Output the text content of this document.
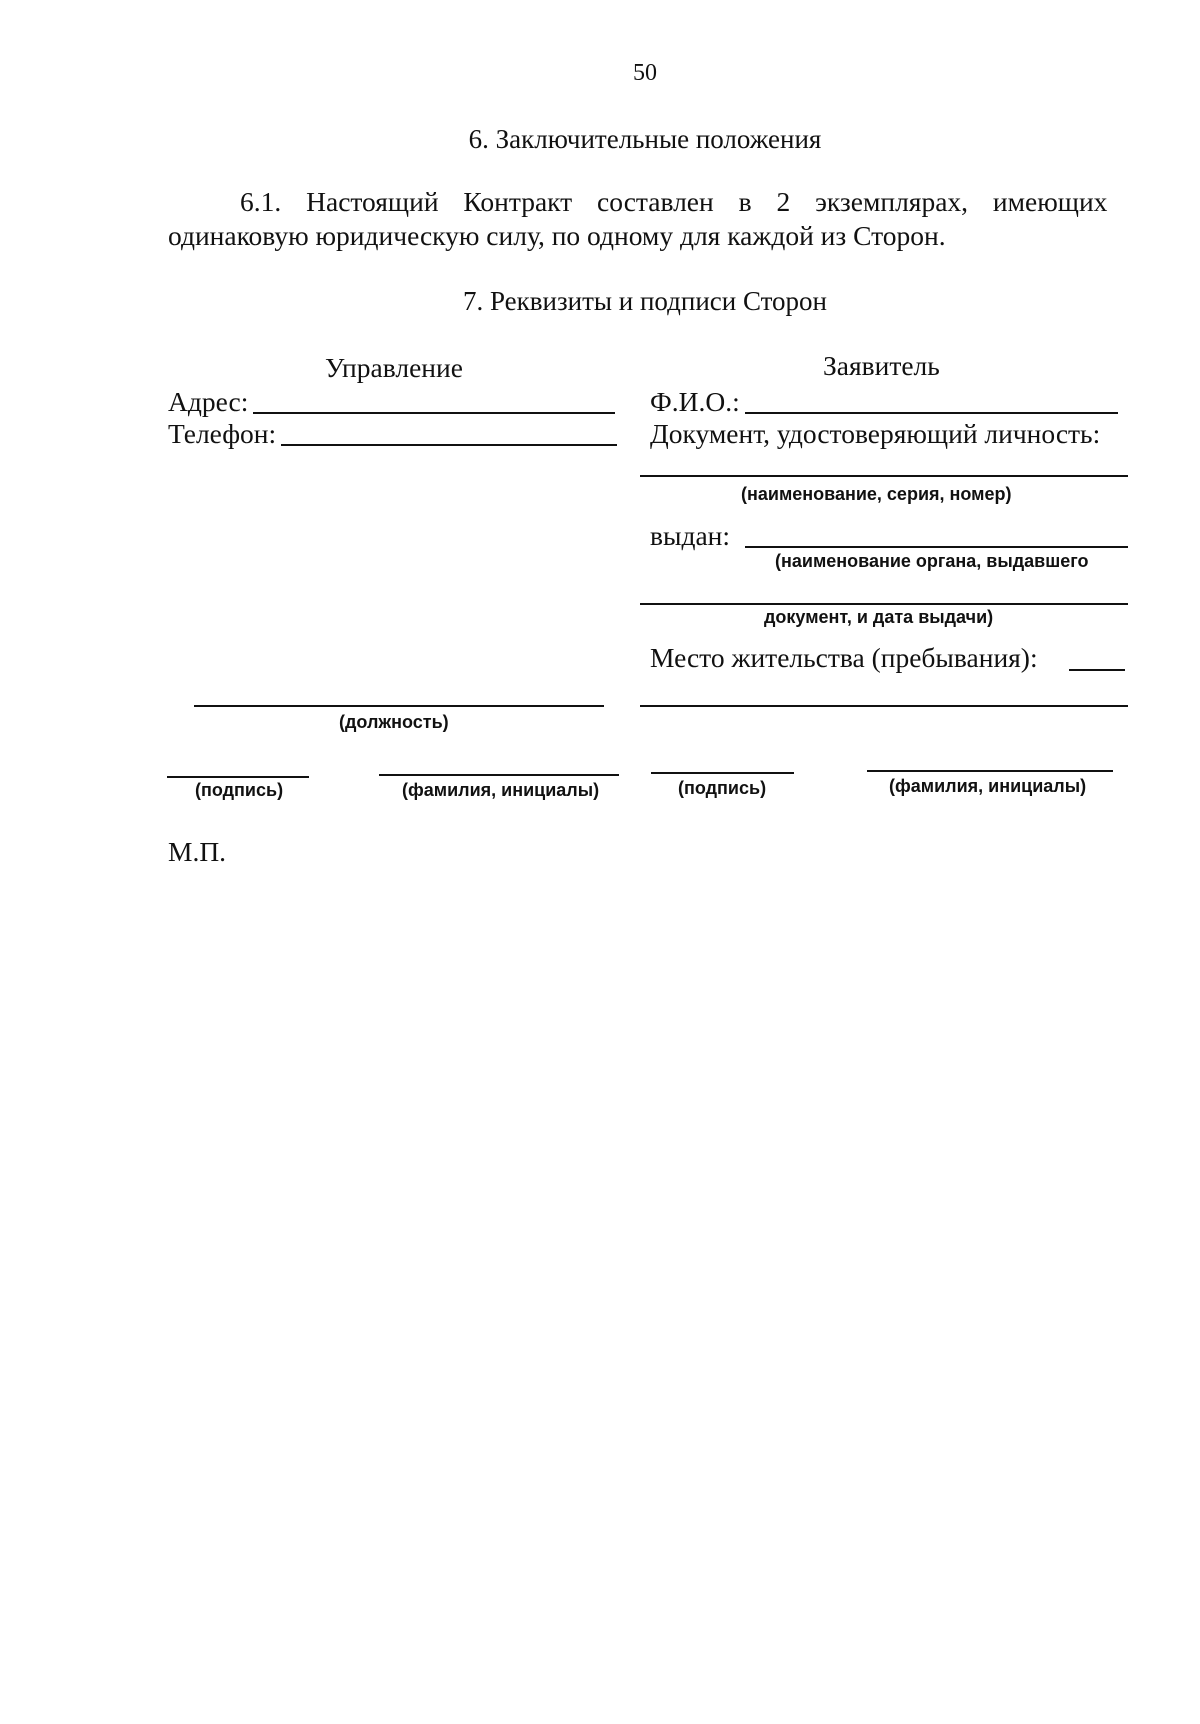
50
6. Заключительные положения
6.1. Настоящий Контракт составлен в 2 экземплярах, имеющих
одинаковую юридическую силу, по одному для каждой из Сторон.
7. Реквизиты и подписи Сторон
Управление
Адрес:
Телефон:
(должность)
(подпись)	(фамилия, инициалы)
М.П.
Заявитель
Ф.И.О.:
Документ, удостоверяющий личность:
(наименование, серия, номер)
выдан:
(наименование органа, выдавшего
документ, и дата выдачи)
Место жительства (пребывания):
(подпись)	(фамилия, инициалы)
